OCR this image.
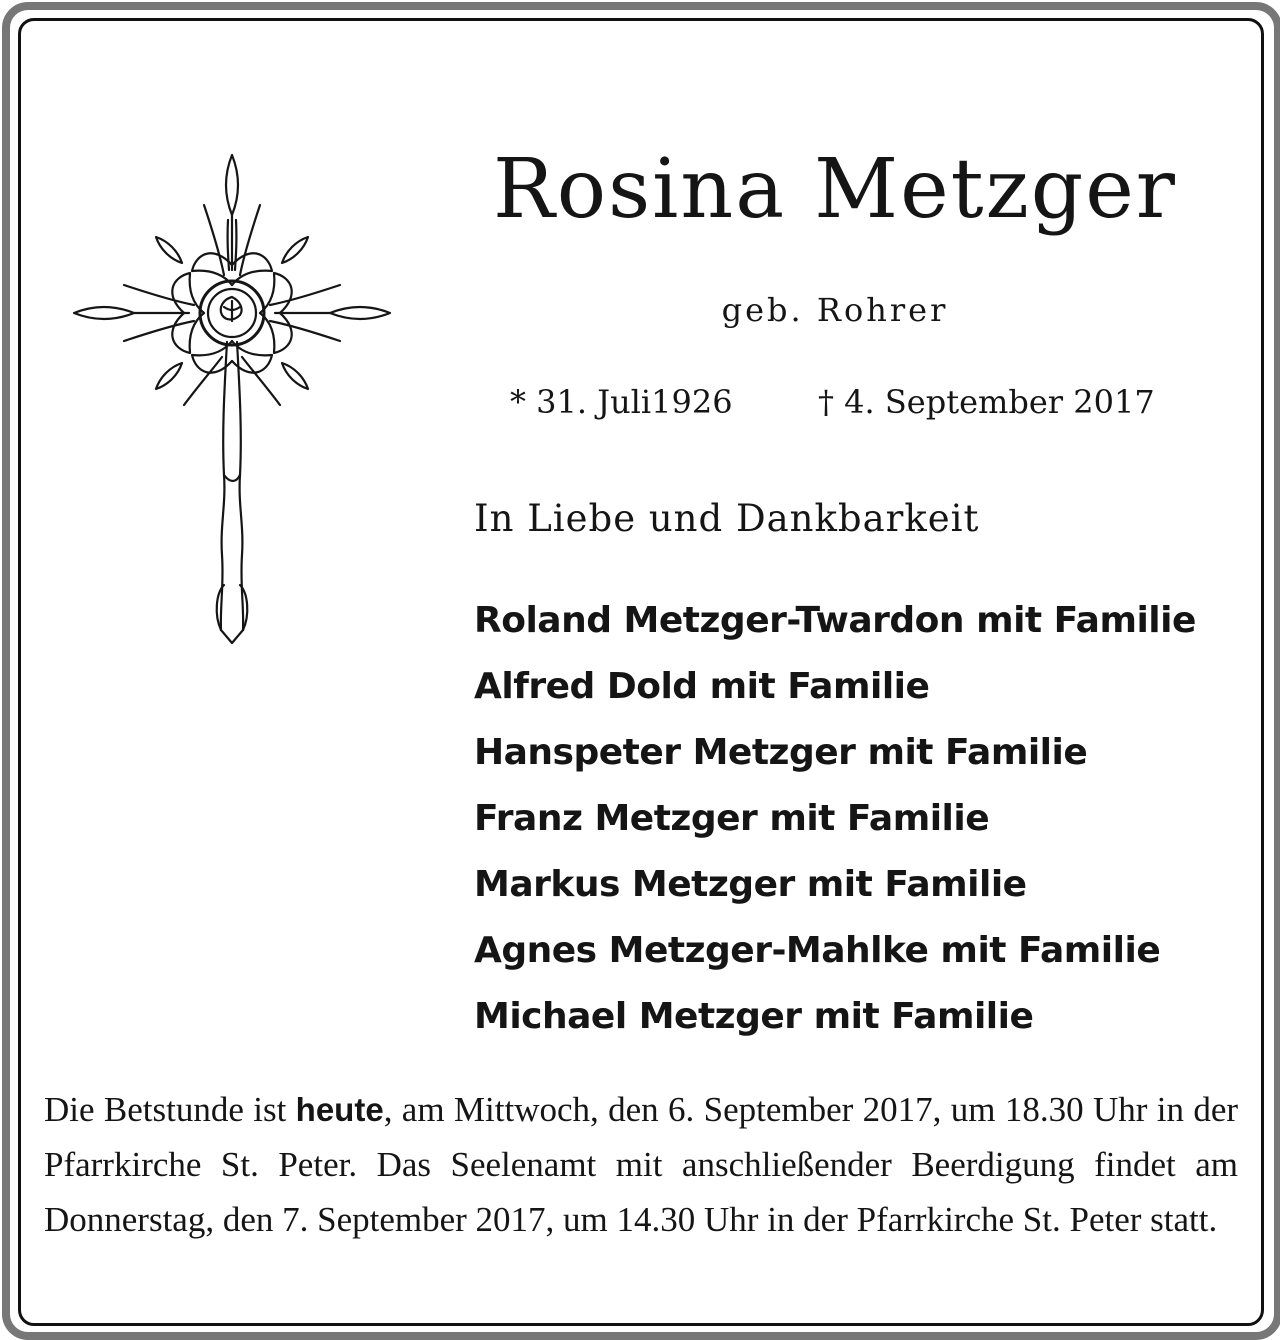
Rosina Metzger
geb. Rohrer
* 31. Juli1926	† 4. September 2017
In Liebe und Dankbarkeit
Roland Metzger-Twardon mit Familie
Alfred Dold mit Familie
Hanspeter Metzger mit Familie
Franz Metzger mit Familie
Markus Metzger mit Familie
Agnes Metzger-Mahlke mit Familie
Michael Metzger mit Familie

Die Betstunde ist heute, am Mittwoch, den 6. September 2017, um 18.30 Uhr in der Pfarrkirche St. Peter. Das Seelenamt mit anschließender Beerdigung findet am Donnerstag, den 7. September 2017, um 14.30 Uhr in der Pfarrkirche St. Peter statt.
